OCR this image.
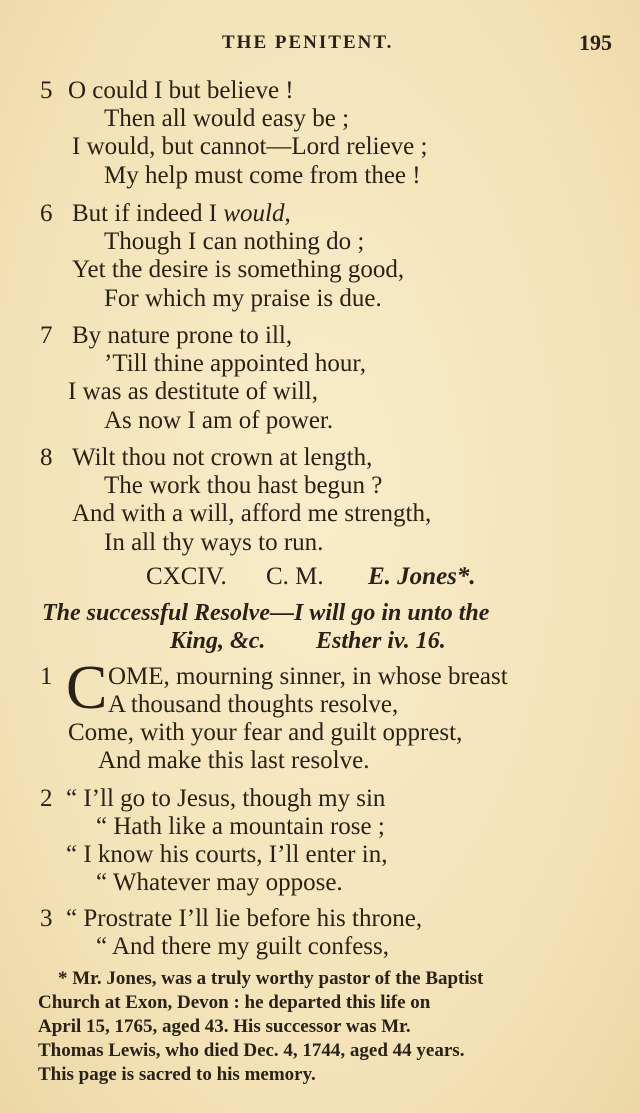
THE PENITENT.	195
5 O could I but believe !
Then all would easy be ;
I would, but cannot—Lord relieve ;
My help must come from thee !
6 But if indeed I would,
Though I can nothing do ;
Yet the desire is something good,
For which my praise is due.
7 By nature prone to ill,
’Till thine appointed hour,
I was as destitute of will,
As now I am of power.
8 Wilt thou not crown at length,
The work thou hast begun ?
And with a will, afford me strength,
In all thy ways to run.
CXCIV. C. M. E. Jones*.
The successful Resolve—I will go in unto the
King, &c. Esther iv. 16.
1 C OME, mourning sinner, in whose breast
A thousand thoughts resolve,
Come, with your fear and guilt opprest,
And make this last resolve.
2 “ I’ll go to Jesus, though my sin
“ Hath like a mountain rose ;
“ I know his courts, I’ll enter in,
“ Whatever may oppose.
3 “ Prostrate I’ll lie before his throne,
“ And there my guilt confess,
* Mr. Jones, was a truly worthy pastor of the Baptist
Church at Exon, Devon : he departed this life on
April 15, 1765, aged 43. His successor was Mr.
Thomas Lewis, who died Dec. 4, 1744, aged 44 years.
This page is sacred to his memory.
